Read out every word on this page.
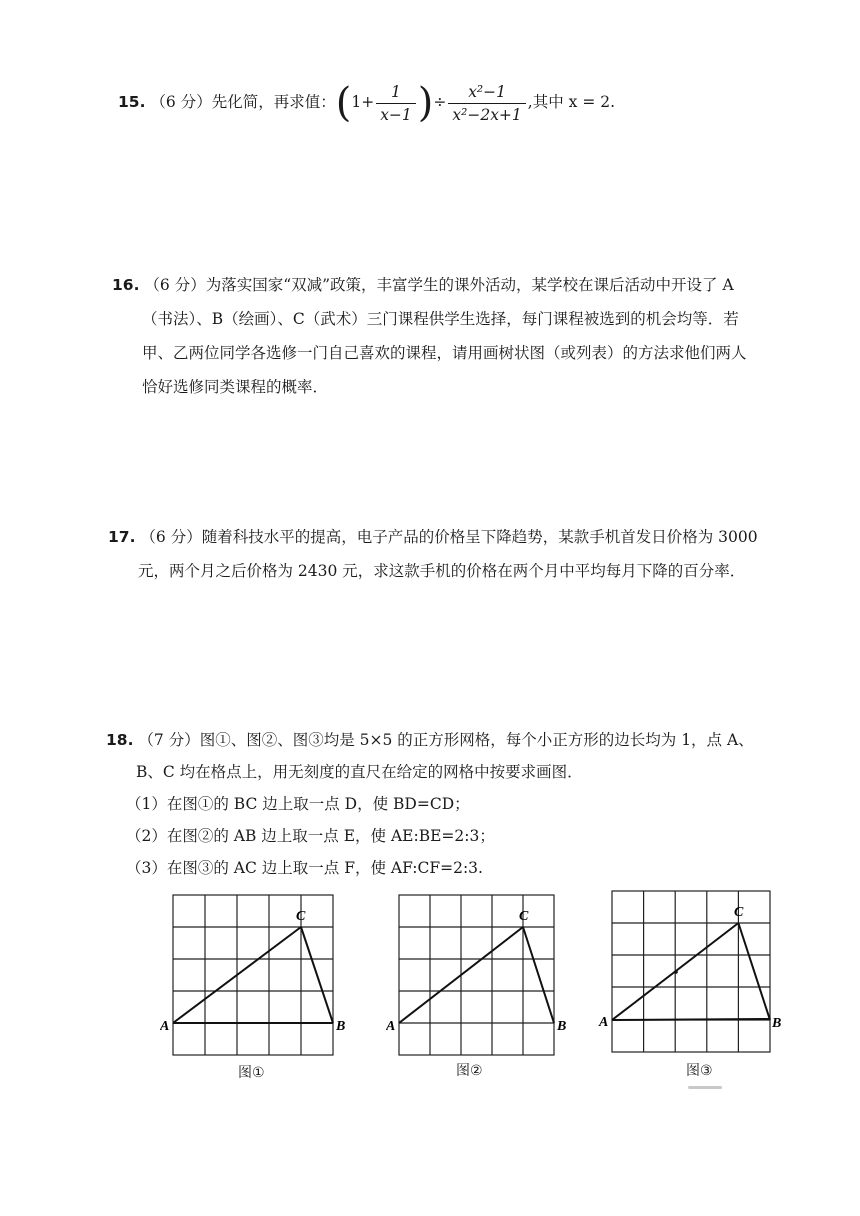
15. （6 分）先化简，再求值：($1+ \frac{1}{x-1}$ )÷ $\frac{\text{x²−1}}{\text{x²−2x+1}}$ ,其中 x = 2.
16. （6 分）为落实国家“双减”政策，丰富学生的课外活动，某学校在课后活动中开设了 A
（书法）、B（绘画）、C（武术）三门课程供学生选择，每门课程被选到的机会均等．若
甲、乙两位同学各选修一门自己喜欢的课程，请用画树状图（或列表）的方法求他们两人
恰好选修同类课程的概率．
17. （6 分）随着科技水平的提高，电子产品的价格呈下降趋势，某款手机首发日价格为 3000
元，两个月之后价格为 2430 元，求这款手机的价格在两个月中平均每月下降的百分率．
18. （7 分）图①、图②、图③均是 5×5 的正方形网格，每个小正方形的边长均为 1，点 A、
B、C 均在格点上，用无刻度的直尺在给定的网格中按要求画图．
（1）在图①的 BC 边上取一点 D，使 BD=CD；
（2）在图②的 AB 边上取一点 E，使 AE:BE=2:3；
（3）在图③的 AC 边上取一点 F，使 AF:CF=2:3.
A	B
C
图①
A	B
C
图②
A	B
C
图③
